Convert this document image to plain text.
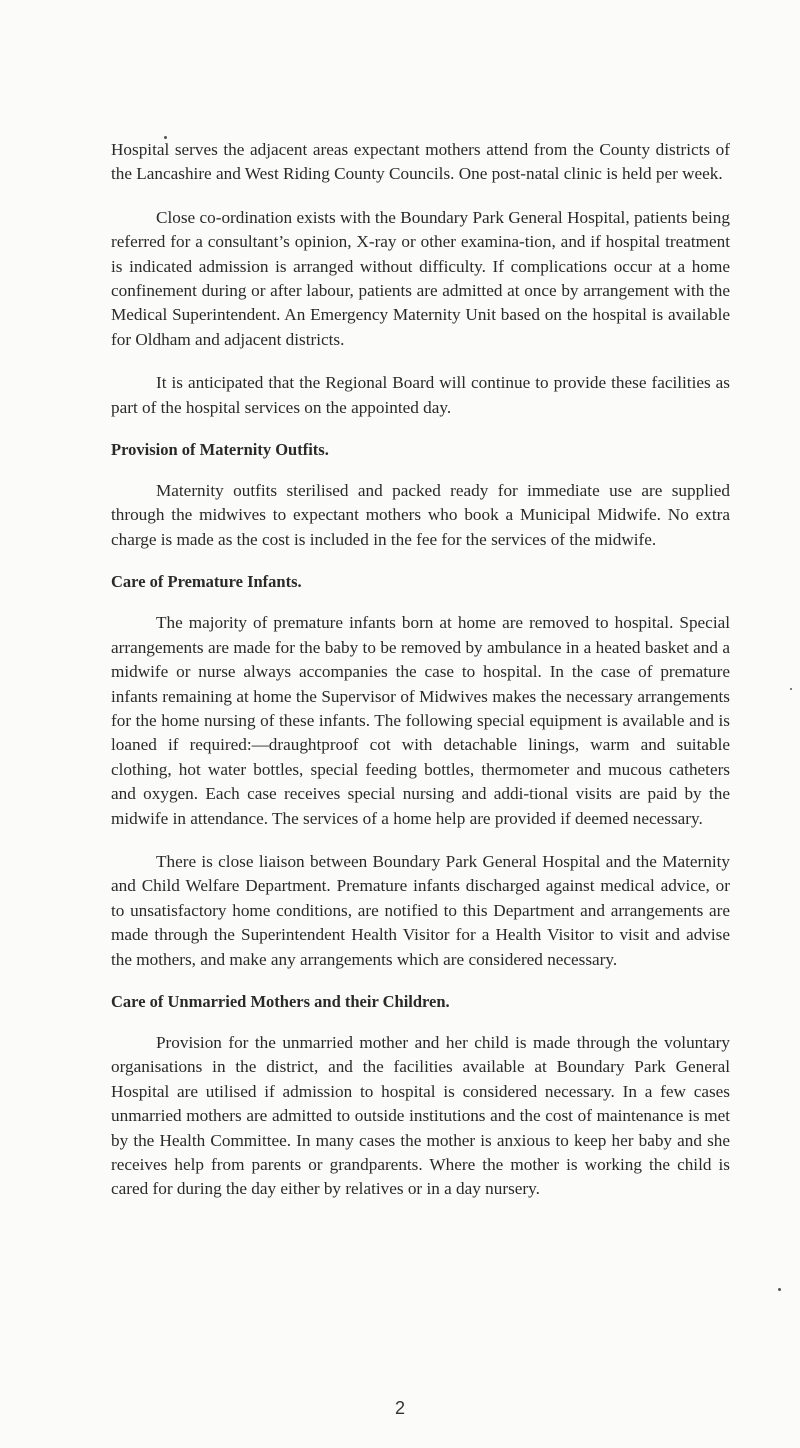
Hospital serves the adjacent areas expectant mothers attend from the County districts of the Lancashire and West Riding County Councils. One post-natal clinic is held per week.

Close co-ordination exists with the Boundary Park General Hospital, patients being referred for a consultant’s opinion, X-ray or other examina-tion, and if hospital treatment is indicated admission is arranged without difficulty. If complications occur at a home confinement during or after labour, patients are admitted at once by arrangement with the Medical Superintendent. An Emergency Maternity Unit based on the hospital is available for Oldham and adjacent districts.

It is anticipated that the Regional Board will continue to provide these facilities as part of the hospital services on the appointed day.

Provision of Maternity Outfits.

Maternity outfits sterilised and packed ready for immediate use are supplied through the midwives to expectant mothers who book a Municipal Midwife. No extra charge is made as the cost is included in the fee for the services of the midwife.

Care of Premature Infants.

The majority of premature infants born at home are removed to hospital. Special arrangements are made for the baby to be removed by ambulance in a heated basket and a midwife or nurse always accompanies the case to hospital. In the case of premature infants remaining at home the Supervisor of Midwives makes the necessary arrangements for the home nursing of these infants. The following special equipment is available and is loaned if required:—draughtproof cot with detachable linings, warm and suitable clothing, hot water bottles, special feeding bottles, thermometer and mucous catheters and oxygen. Each case receives special nursing and addi-tional visits are paid by the midwife in attendance. The services of a home help are provided if deemed necessary.

There is close liaison between Boundary Park General Hospital and the Maternity and Child Welfare Department. Premature infants discharged against medical advice, or to unsatisfactory home conditions, are notified to this Department and arrangements are made through the Superintendent Health Visitor for a Health Visitor to visit and advise the mothers, and make any arrangements which are considered necessary.

Care of Unmarried Mothers and their Children.

Provision for the unmarried mother and her child is made through the voluntary organisations in the district, and the facilities available at Boundary Park General Hospital are utilised if admission to hospital is considered necessary. In a few cases unmarried mothers are admitted to outside institutions and the cost of maintenance is met by the Health Committee. In many cases the mother is anxious to keep her baby and she receives help from parents or grandparents. Where the mother is working the child is cared for during the day either by relatives or in a day nursery.

2
